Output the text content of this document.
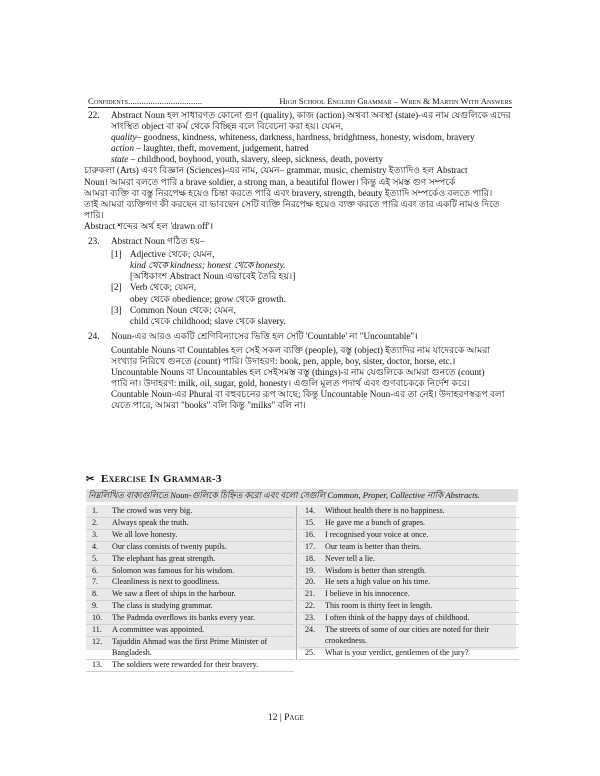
Confidents.................................	High School English Grammar – Wren & Martin With Answers
22. Abstract Noun হল সাধারণত কোনো গুণ (quality), কাজ (action) অথবা অবস্থা (state)-এর নাম যেগুলিকে এদের

সাংস্থিত object বা কর্ম থেকে বিচ্ছিন্ন বলে বিবেচনা করা হয়। যেমন,

quality– goodness, kindness, whiteness, darkness, hardness, bridghtness, honesty, wisdom, bravery

action – laughter, theft, movement, judgement, hatred

state – childhood, boyhood, youth, slavery, sleep, sickness, death, poverty

চারুকলা (Arts) এবং বিজ্ঞান (Sciences)-এর নাম, যেমন– grammar, music, chemistry ইত্যাদিও হল Abstract

Noun। আমরা বলতে পারি a brave soldier, a strong man, a beautiful flower। কিন্তু এই সমস্ত গুণ সম্পর্কে

আমরা ব্যক্তি বা বস্তু নিরপেক্ষ হয়েও চিন্তা করতে পারি এবং bravery, strength, beauty ইত্যাদি সম্পর্কেও বলতে পারি।

তাই আমরা ব্যক্তিগণ কী করছেন বা ভাবছেন সেটি ব্যক্তি নিরপেক্ষ হয়েও ব্যক্ত করতে পারি এবং তার একটি নামও দিতে পারি।

Abstract শব্দের অর্থ হল 'drawn off'।

23. Abstract Noun গঠিত হয়–

[1] Adjective থেকে; যেমন,

kind থেকে kindness; honest থেকে honesty.

[অধিকাংশ Abstract Noun এভাবেই তৈরি হয়।]

[2] Verb থেকে; যেমন,

obey থেকে obedience; grow থেকে growth.

[3] Common Noun থেকে; যেমন,

child থেকে childhood; slave থেকে slavery.

24. Noun-এর আরও একটি শ্রেণিবিন্যাসের ভিত্তি হল সেটি 'Countable' না "Uncountable"।

Countable Nouns বা Countables হল সেই সকল ব্যক্তি (people), বস্তু (object) ইত্যাদির নাম যাদেরকে আমরা

সংখ্যার নিরিখে গুনতে (count) পারি। উদাহরণ: book, pen, apple, boy, sister, doctor, horse, etc.।

Uncountable Nouns বা Uncountables হল সেইসমস্ত বস্তু (things)-র নাম যেগুলিকে আমরা গুনতে (count)

পারি না। উদাহরণ: milk, oil, sugar, gold, honesty। এগুলি মূলত পদার্থ এবং গুণবাচককে নির্দেশ করে।

Countable Noun-এর Phural বা বহুবচনের রূপ আছে; কিন্তু Uncountable Noun-এর তা নেই। উদাহরণস্বরূপ বলা

যেতে পারে, আমরা "books" বলি কিন্তু "milks" বলি না।

✂ Exercise In Grammar-3
নিম্নলিখিত বাক্যগুলিতে Noun-গুলিকে চিহ্নিত করো এবং বলো সেগুলি Common, Proper, Collective নাকি Abstracts.
1. The crowd was very big.
2. Always speak the truth.
3. We all love honesty.
4. Our class consists of twenty pupils.
5. The elephant has great strength.
6. Solomon was famous for his wisdom.
7. Cleanliness is next to goodliness.
8. We saw a fleet of ships in the harbour.
9. The class is studying grammar.
10. The Padmda overflows its banks every year.
11. A committee was appointed.
12. Tajuddin Ahmad was the first Prime Minister of Bangladesh.
13. The soldiers were rewarded for their bravery.
14. Without health there is no happiness.
15. He gave me a bunch of grapes.
16. I recognised your voice at once.
17. Our team is better than theirs.
18. Never tell a lie.
19. Wisdom is better than strength.
20. He sets a high value on his time.
21. I believe in his innocence.
22. This room is thirty feet in length.
23. I often think of the happy days of childhood.
24. The streets of some of our cities are noted for their crookedness.
25. What is your verdict, gentlemen of the jury?
12 | Page
